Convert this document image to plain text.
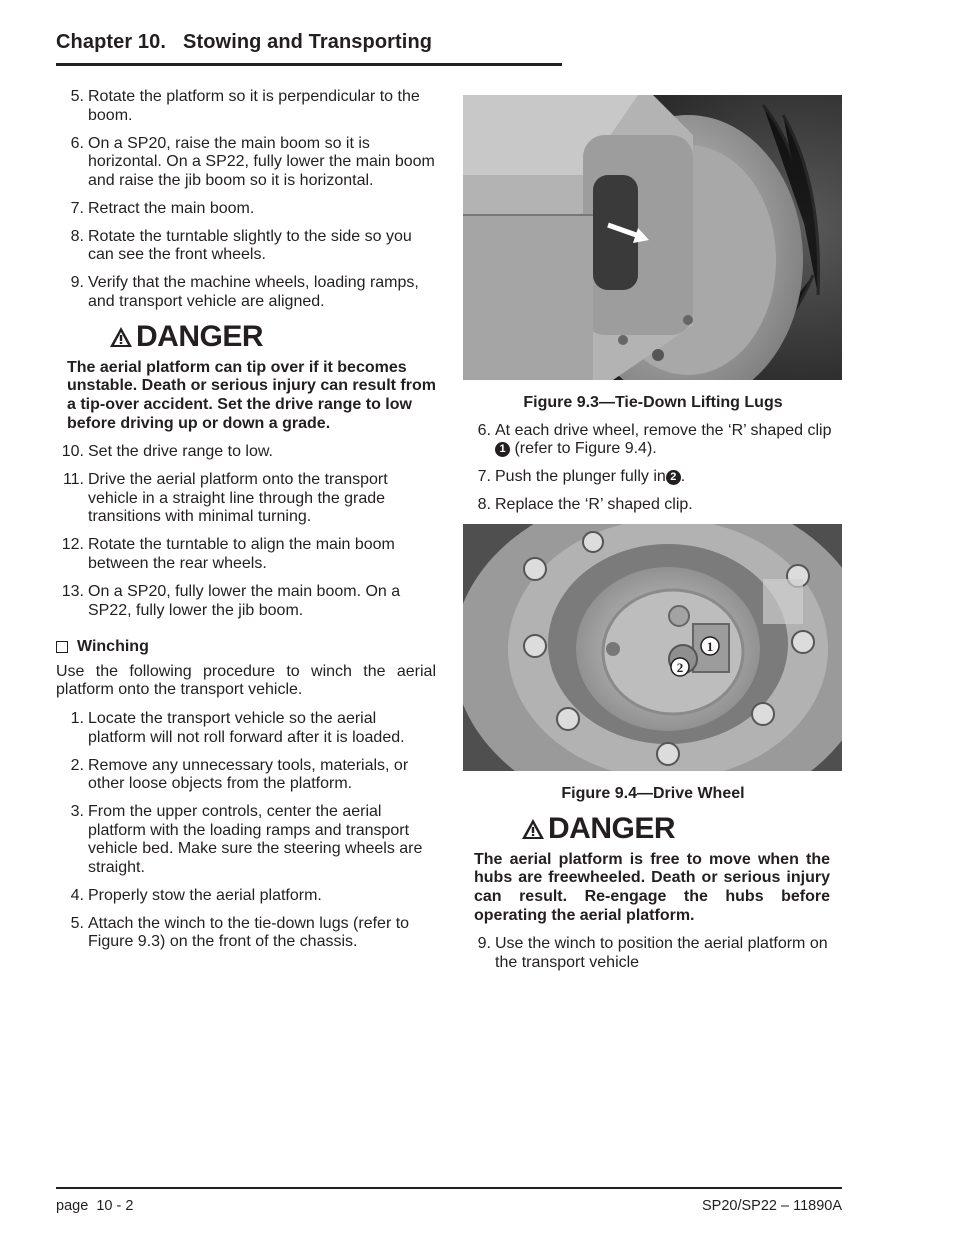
Chapter 10. Stowing and Transporting
5. Rotate the platform so it is perpendicular to the boom.
6. On a SP20, raise the main boom so it is horizontal. On a SP22, fully lower the main boom and raise the jib boom so it is horizontal.
7. Retract the main boom.
8. Rotate the turntable slightly to the side so you can see the front wheels.
9. Verify that the machine wheels, loading ramps, and transport vehicle are aligned.
DANGER
The aerial platform can tip over if it becomes unstable. Death or serious injury can result from a tip-over accident. Set the drive range to low before driving up or down a grade.
10. Set the drive range to low.
11. Drive the aerial platform onto the transport vehicle in a straight line through the grade transitions with minimal turning.
12. Rotate the turntable to align the main boom between the rear wheels.
13. On a SP20, fully lower the main boom. On a SP22, fully lower the jib boom.
Winching
Use the following procedure to winch the aerial platform onto the transport vehicle.
1. Locate the transport vehicle so the aerial platform will not roll forward after it is loaded.
2. Remove any unnecessary tools, materials, or other loose objects from the platform.
3. From the upper controls, center the aerial platform with the loading ramps and transport vehicle bed. Make sure the steering wheels are straight.
4. Properly stow the aerial platform.
5. Attach the winch to the tie-down lugs (refer to Figure 9.3) on the front of the chassis.
Figure 9.3—Tie-Down Lifting Lugs
6. At each drive wheel, remove the ‘R’ shaped clip1 (refer to Figure 9.4).
7. Push the plunger fully in 2 .
8. Replace the ‘R’ shaped clip.
1
2
Figure 9.4—Drive Wheel
DANGER
The aerial platform is free to move when the hubs are freewheeled. Death or serious injury can result. Re-engage the hubs before operating the aerial platform.
9. Use the winch to position the aerial platform on the transport vehicle
page  10 - 2	SP20/SP22 – 11890A
